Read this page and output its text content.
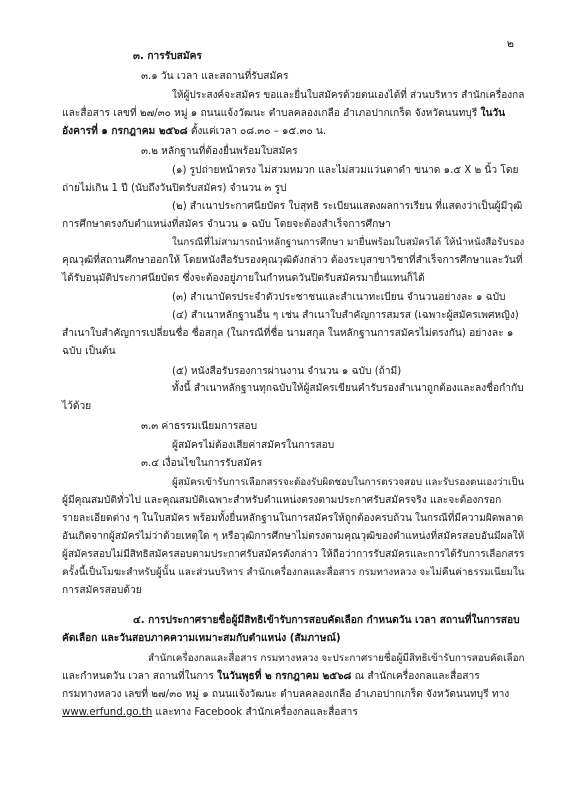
๒
๓. การรับสมัคร
๓.๑ วัน เวลา และสถานที่รับสมัคร
ให้ผู้ประสงค์จะสมัคร ขอและยื่นใบสมัครด้วยตนเองได้ที่ ส่วนบริหาร สำนักเครื่องกล
และสื่อสาร เลขที่ ๒๗/๓๐ หมู่ ๑ ถนนแจ้งวัฒนะ ตำบลคลองเกลือ อำเภอปากเกร็ด จังหวัดนนทบุรี ในวัน
อังคารที่ ๑ กรกฎาคม ๒๕๖๘ ตั้งแต่เวลา ๐๘.๓๐ – ๑๕.๓๐ น.
๓.๒ หลักฐานที่ต้องยื่นพร้อมใบสมัคร
(๑) รูปถ่ายหน้าตรง ไม่สวมหมวก และไม่สวมแว่นตาดำ ขนาด ๑.๕ X ๒ นิ้ว โดย
ถ่ายไม่เกิน 1 ปี (นับถึงวันปิดรับสมัคร) จำนวน ๓ รูป
(๒) สำเนาประกาศนียบัตร ใบสุทธิ ระเบียนแสดงผลการเรียน ที่แสดงว่าเป็นผู้มีวุฒิ
การศึกษาตรงกับตำแหน่งที่สมัคร จำนวน ๑ ฉบับ โดยจะต้องสำเร็จการศึกษา
ในกรณีที่ไม่สามารถนำหลักฐานการศึกษา มายื่นพร้อมใบสมัครได้ ให้นำหนังสือรับรอง
คุณวุฒิที่สถานศึกษาออกให้ โดยหนังสือรับรองคุณวุฒิดังกล่าว ต้องระบุสาขาวิชาที่สำเร็จการศึกษาและวันที่
ได้รับอนุมัติประกาศนียบัตร ซึ่งจะต้องอยู่ภายในกำหนดวันปิดรับสมัครมายื่นแทนก็ได้
(๓) สำเนาบัตรประจำตัวประชาชนและสำเนาทะเบียน จำนวนอย่างละ ๑ ฉบับ
(๔) สำเนาหลักฐานอื่น ๆ เช่น สำเนาใบสำคัญการสมรส (เฉพาะผู้สมัครเพศหญิง)
สำเนาใบสำคัญการเปลี่ยนชื่อ ชื่อสกุล (ในกรณีที่ชื่อ นามสกุล ในหลักฐานการสมัครไม่ตรงกัน) อย่างละ ๑
ฉบับ เป็นต้น
(๕) หนังสือรับรองการผ่านงาน จำนวน ๑ ฉบับ (ถ้ามี)
ทั้งนี้ สำเนาหลักฐานทุกฉบับให้ผู้สมัครเขียนคำรับรองสำเนาถูกต้องและลงชื่อกำกับ
ไว้ด้วย
๓.๓ ค่าธรรมเนียมการสอบ
ผู้สมัครไม่ต้องเสียค่าสมัครในการสอบ
๓.๔ เงื่อนไขในการรับสมัคร
ผู้สมัครเข้ารับการเลือกสรรจะต้องรับผิดชอบในการตรวจสอบ และรับรองตนเองว่าเป็น
ผู้มีคุณสมบัติทั่วไป และคุณสมบัติเฉพาะสำหรับตำแหน่งตรงตามประกาศรับสมัครจริง และจะต้องกรอก
รายละเอียดต่าง ๆ ในใบสมัคร พร้อมทั้งยื่นหลักฐานในการสมัครให้ถูกต้องครบถ้วน ในกรณีที่มีความผิดพลาด
อันเกิดจากผู้สมัครไม่ว่าด้วยเหตุใด ๆ หรือวุฒิการศึกษาไม่ตรงตามคุณวุฒิของตำแหน่งที่สมัครสอบอันมีผลให้
ผู้สมัครสอบไม่มีสิทธิสมัครสอบตามประกาศรับสมัครดังกล่าว ให้ถือว่าการรับสมัครและการได้รับการเลือกสรร
ครั้งนี้เป็นโมฆะสำหรับผู้นั้น และส่วนบริหาร สำนักเครื่องกลและสื่อสาร กรมทางหลวง จะไม่คืนค่าธรรมเนียมใน
การสมัครสอบด้วย
๔. การประกาศรายชื่อผู้มีสิทธิเข้ารับการสอบคัดเลือก กำหนดวัน เวลา สถานที่ในการสอบ
คัดเลือก และวันสอบภาคความเหมาะสมกับตำแหน่ง (สัมภาษณ์)
สำนักเครื่องกลและสื่อสาร กรมทางหลวง จะประกาศรายชื่อผู้มีสิทธิเข้ารับการสอบคัดเลือก
และกำหนดวัน เวลา สถานที่ในการ ในวันพุธที่ ๒ กรกฎาคม ๒๕๖๘ ณ สำนักเครื่องกลและสื่อสาร
กรมทางหลวง เลขที่ ๒๗/๓๐ หมู่ ๑ ถนนแจ้งวัฒนะ ตำบลคลองเกลือ อำเภอปากเกร็ด จังหวัดนนทบุรี ทาง
www.erfund.go.th และทาง Facebook สำนักเครื่องกลและสื่อสาร
